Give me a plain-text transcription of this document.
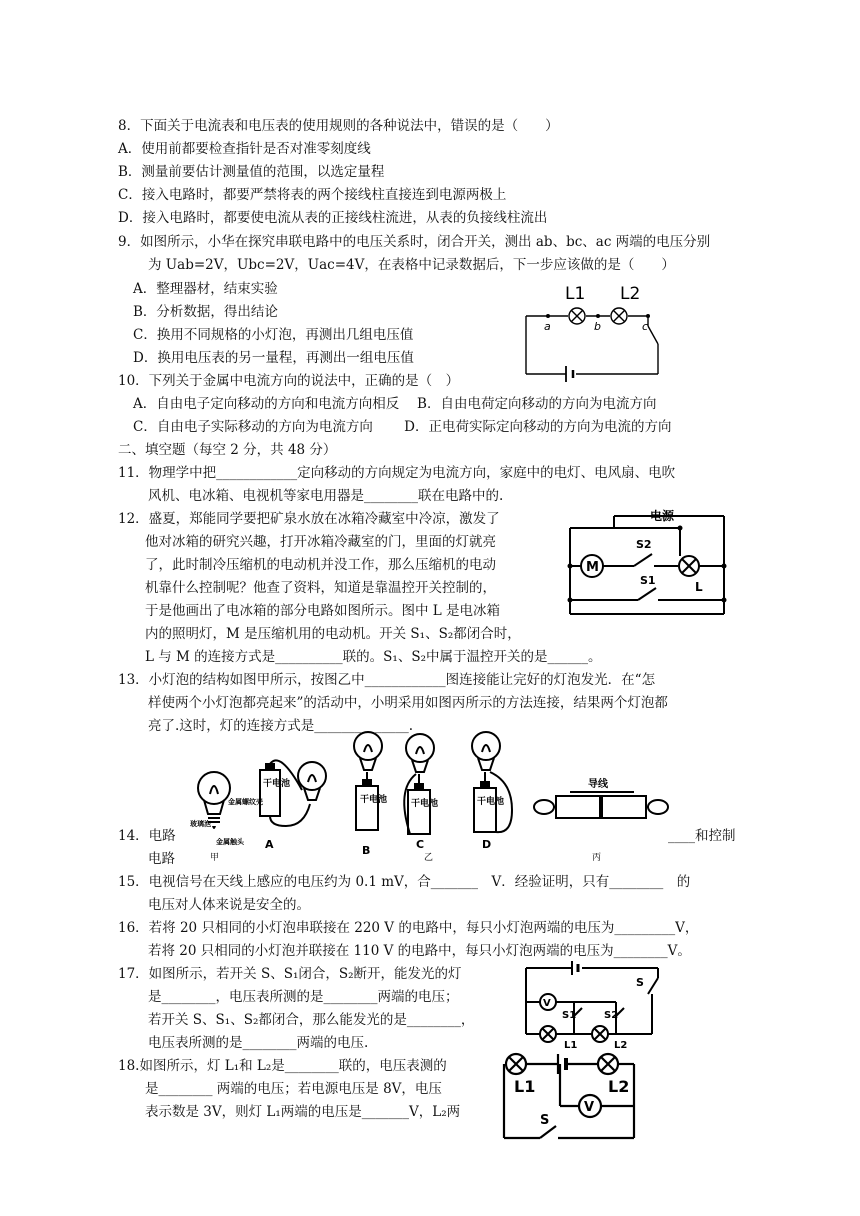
8．下面关于电流表和电压表的使用规则的各种说法中，错误的是（　　）
A．使用前都要检查指针是否对准零刻度线
B．测量前要估计测量值的范围，以选定量程
C．接入电路时，都要严禁将表的两个接线柱直接连到电源两极上
D．接入电路时，都要使电流从表的正接线柱流进，从表的负接线柱流出
9．如图所示，小华在探究串联电路中的电压关系时，闭合开关，测出 ab、bc、ac 两端的电压分别
为 Uab=2V，Ubc=2V，Uac=4V，在表格中记录数据后，下一步应该做的是（　　）
A．整理器材，结束实验
B．分析数据，得出结论
C．换用不同规格的小灯泡，再测出几组电压值
D．换用电压表的另一量程，再测出一组电压值
L1 L2
a	b	c
10．下列关于金属中电流方向的说法中，正确的是（　）
A．自由电子定向移动的方向和电流方向相反　 B．自由电荷定向移动的方向为电流方向
C．自由电子实际移动的方向为电流方向　　 D．正电荷实际定向移动的方向为电流的方向
二、填空题（每空 2 分，共 48 分）
11．物理学中把____________定向移动的方向规定为电流方向，家庭中的电灯、电风扇、电吹
风机、电冰箱、电视机等家电用器是________联在电路中的.
12．盛夏，郑能同学要把矿泉水放在冰箱冷藏室中冷凉，激发了
他对冰箱的研究兴趣，打开冰箱冷藏室的门，里面的灯就亮
了，此时制冷压缩机的电动机并没工作，那么压缩机的电动
机靠什么控制呢？他查了资料，知道是靠温控开关控制的，
于是他画出了电冰箱的部分电路如图所示。图中 L 是电冰箱
内的照明灯，M 是压缩机用的电动机。开关 S₁、S₂都闭合时，
L 与 M 的连接方式是__________联的。S₁、S₂中属于温控开关的是______。
电源
M
S2
L
S1
13．小灯泡的结构如图甲所示，按图乙中____________图连接能让完好的灯泡发光．在“怎
样使两个小灯泡都亮起来”的活动中，小明采用如图丙所示的方法连接，结果两个灯泡都
亮了.这时，灯的连接方式是______________.
金属螺纹壳
玻璃泡
金属触头
干电池
A
干电池
B
干电池
C
干电池
D
导线
丙
乙
甲
14．电路	____和控制
电路
15．电视信号在天线上感应的电压约为 0.1 mV，合_______　V．经验证明，只有________　的
电压对人体来说是安全的。
16．若将 20 只相同的小灯泡串联接在 220 V 的电路中，每只小灯泡两端的电压为_________V，
若将 20 只相同的小灯泡并联接在 110 V 的电路中，每只小灯泡两端的电压为________V。
17．如图所示，若开关 S、S₁闭合，S₂断开，能发光的灯
是________，电压表所测的是________两端的电压；
若开关 S、S₁、S₂都闭合，那么能发光的是________，
电压表所测的是________两端的电压.
V
S
S1	S2
L1	L2
18.如图所示，灯 L₁和 L₂是________联的，电压表测的
是________ 两端的电压；若电源电压是 8V，电压
表示数是 3V，则灯 L₁两端的电压是_______V，L₂两
L1	L2
V
S
